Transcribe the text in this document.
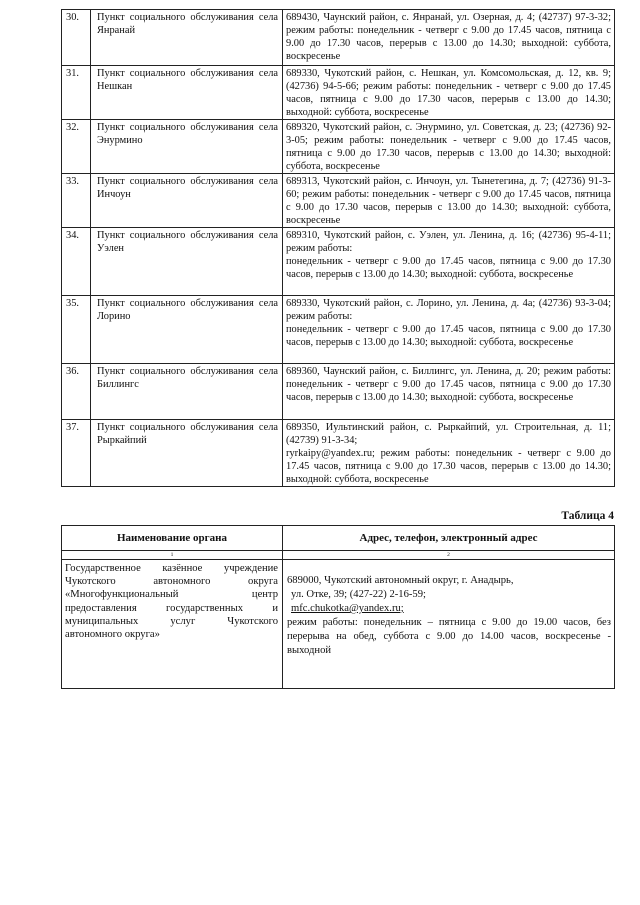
30.	Пункт социального обслуживания села Янранай	689430, Чаунский район, с. Янранай, ул. Озерная, д. 4; (42737) 97-3-32; режим работы: понедельник - четверг с 9.00 до 17.45 часов, пятница с 9.00 до 17.30 часов, перерыв с 13.00 до 14.30; выходной: суббота, воскресенье
31.	Пункт социального обслуживания села Нешкан	689330, Чукотский район, с. Нешкан, ул. Комсомольская, д. 12, кв. 9; (42736) 94-5-66; режим работы: понедельник - четверг с 9.00 до 17.45 часов, пятница с 9.00 до 17.30 часов, перерыв с 13.00 до 14.30; выходной: суббота, воскресенье
32.	Пункт социального обслуживания села Энурмино	689320, Чукотский район, с. Энурмино, ул. Советская, д. 23; (42736) 92-3-05; режим работы: понедельник - четверг с 9.00 до 17.45 часов, пятница с 9.00 до 17.30 часов, перерыв с 13.00 до 14.30; выходной: суббота, воскресенье
33.	Пункт социального обслуживания села Инчоун	689313, Чукотский район, с. Инчоун, ул. Тынетегина, д. 7; (42736) 91-3-60; режим работы: понедельник - четверг с 9.00 до 17.45 часов, пятница с 9.00 до 17.30 часов, перерыв с 13.00 до 14.30; выходной: суббота, воскресенье
34.	Пункт социального обслуживания села Уэлен	689310, Чукотский район, с. Уэлен, ул. Ленина, д. 16; (42736) 95-4-11; режим работы:
понедельник - четверг с 9.00 до 17.45 часов, пятница с 9.00 до 17.30 часов, перерыв с 13.00 до 14.30; выходной: суббота, воскресенье

35.	Пункт социального обслуживания села Лорино	689330, Чукотский район, с. Лорино, ул. Ленина, д. 4а; (42736) 93-3-04; режим работы:
понедельник - четверг с 9.00 до 17.45 часов, пятница с 9.00 до 17.30 часов, перерыв с 13.00 до 14.30; выходной: суббота, воскресенье

36.	Пункт социального обслуживания села Биллингс	689360, Чаунский район, с. Биллингс, ул. Ленина, д. 20; режим работы: понедельник - четверг с 9.00 до 17.45 часов, пятница с 9.00 до 17.30 часов, перерыв с 13.00 до 14.30; выходной: суббота, воскресенье
37.	Пункт социального обслуживания села Рыркайпий	689350, Иультинский район, с. Рыркайпий, ул. Строительная, д. 11; (42739) 91-3-34;
ryrkaipy@yandex.ru; режим работы: понедельник - четверг с 9.00 до 17.45 часов, пятница с 9.00 до 17.30 часов, перерыв с 13.00 до 14.30; выходной: суббота, воскресенье
Таблица 4
Наименование органа	Адрес, телефон, электронный адрес
1	2
Государственное казённое учреждение Чукотского автономного округа «Многофункциональный центр предоставления государственных и муниципальных услуг Чукотского автономного округа»	689000, Чукотский автономный округ, г. Анадырь,
ул. Отке, 39; (427-22) 2-16-59;
mfc.chukotka@yandex.ru;
режим работы: понедельник – пятница с 9.00 до 19.00 часов, без перерыва на обед, суббота с 9.00 до 14.00 часов, воскресенье - выходной
